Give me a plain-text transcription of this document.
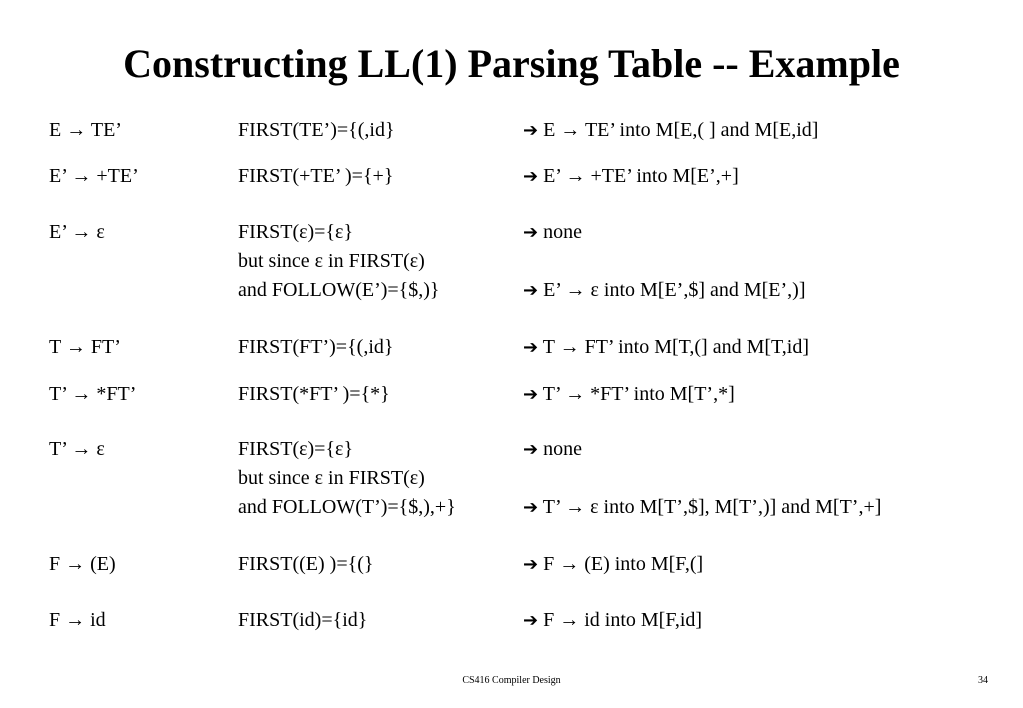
Constructing LL(1) Parsing Table -- Example
E → TE’	FIRST(TE’)={(,id}	➔ E → TE’ into M[E,( ] and M[E,id]
E’ → +TE’	FIRST(+TE’ )={+}	➔ E’ → +TE’ into M[E’,+]
E’ → ε	FIRST(ε)={ε}	➔ none
but since ε in FIRST(ε)
and FOLLOW(E’)={$,)}	➔ E’ → ε into M[E’,$] and M[E’,)]
T → FT’	FIRST(FT’)={(,id}	➔ T → FT’ into M[T,(] and M[T,id]
T’ → *FT’	FIRST(*FT’ )={*}	➔ T’ → *FT’ into M[T’,*]
T’ → ε	FIRST(ε)={ε}	➔ none
but since ε in FIRST(ε)
and FOLLOW(T’)={$,),+}	➔ T’ → ε into M[T’,$], M[T’,)] and M[T’,+]
F → (E)	FIRST((E) )={(}	➔ F → (E) into M[F,(]
F → id	FIRST(id)={id}	➔ F → id into M[F,id]
CS416 Compiler Design	34
